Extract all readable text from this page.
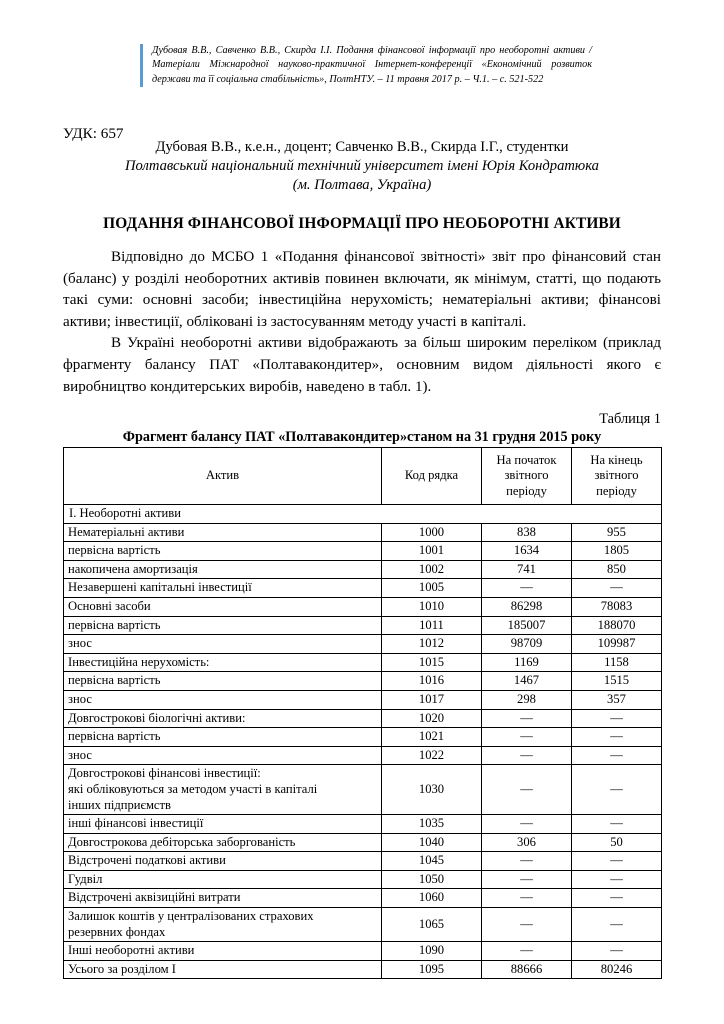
Дубовая В.В., Савченко В.В., Скирда І.І. Подання фінансової інформації про необоротні активи / Матеріали Міжнародної науково-практичної Інтернет-конференції «Економічний розвиток держави та її соціальна стабільність», ПолтНТУ. – 11 травня 2017 р. – Ч.1. – с. 521-522
УДК: 657
Дубовая В.В., к.е.н., доцент; Савченко В.В., Скирда І.Г., студентки
Полтавський національний технічний університет імені Юрія Кондратюка
(м. Полтава, Україна)
ПОДАННЯ ФІНАНСОВОЇ ІНФОРМАЦІЇ ПРО НЕОБОРОТНІ АКТИВИ

Відповідно до МСБО 1 «Подання фінансової звітності» звіт про фінансовий стан (баланс) у розділі необоротних активів повинен включати, як мінімум, статті, що подають такі суми: основні засоби; інвестиційна нерухомість; нематеріальні активи; фінансові активи; інвестиції, обліковані із застосуванням методу участі в капіталі.

В Україні необоротні активи відображають за більш широким переліком (приклад фрагменту балансу ПАТ «Полтавакондитер», основним видом діяльності якого є виробництво кондитерських виробів, наведено в табл. 1).

Таблиця 1
Фрагмент балансу ПАТ «Полтавакондитер»станом на 31 грудня 2015 року
Актив	Код рядка	На початок звітного періоду	На кінець звітного періоду
І. Необоротні активи			
Нематеріальні активи	1000	838	955
первісна вартість	1001	1634	1805
накопичена амортизація	1002	741	850
Незавершені капітальні інвестиції	1005	—	—
Основні засоби	1010	86298	78083
первісна вартість	1011	185007	188070
знос	1012	98709	109987
Інвестиційна нерухомість:	1015	1169	1158
первісна вартість	1016	1467	1515
знос	1017	298	357
Довгострокові біологічні активи:	1020	—	—
первісна вартість	1021	—	—
знос	1022	—	—
Довгострокові фінансові інвестиції:
які обліковуються за методом участі в капіталі
інших підприємств	1030	—	—
інші фінансові інвестиції	1035	—	—
Довгострокова дебіторська заборгованість	1040	306	50
Відстрочені податкові активи	1045	—	—
Гудвіл	1050	—	—
Відстрочені аквізиційні витрати	1060	—	—
Залишок коштів у централізованих страхових
резервних фондах	1065	—	—
Інші необоротні активи	1090	—	—
Усього за розділом І	1095	88666	80246
